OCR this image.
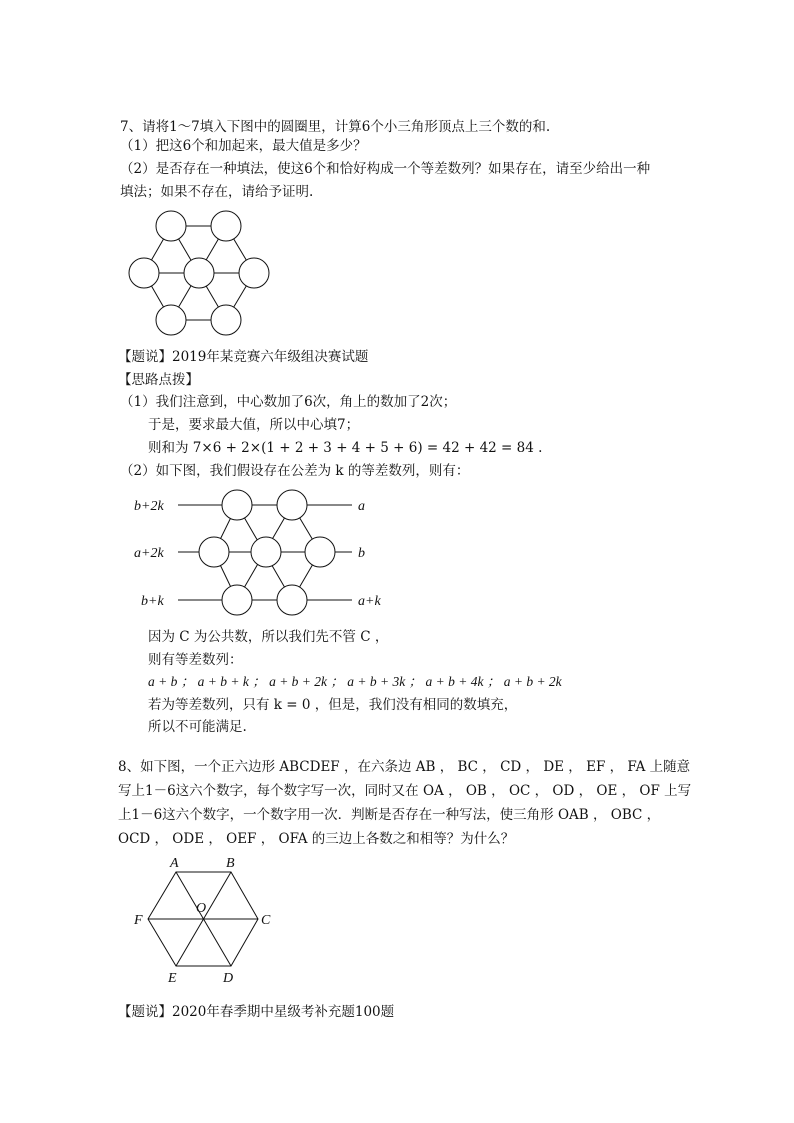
7、请将1～7填入下图中的圆圈里，计算6个小三角形顶点上三个数的和.
（1）把这6个和加起来，最大值是多少？
（2）是否存在一种填法，使这6个和恰好构成一个等差数列？如果存在，请至少给出一种
填法；如果不存在，请给予证明.
【题说】2019年某竞赛六年级组决赛试题
【思路点拨】
（1）我们注意到，中心数加了6次，角上的数加了2次；
于是，要求最大值，所以中心填7；
则和为 7×6 + 2×(1 + 2 + 3 + 4 + 5 + 6) = 42 + 42 = 84 .
（2）如下图，我们假设存在公差为 k 的等差数列，则有：
b+2k
a+2k
b+k
a
b
a+k
因为 C 为公共数，所以我们先不管 C ，
则有等差数列：
a + b ； a + b + k ； a + b + 2k ； a + b + 3k ； a + b + 4k ； a + b + 2k
若为等差数列，只有 k = 0 ，但是，我们没有相同的数填充，
所以不可能满足.
8、如下图，一个正六边形 ABCDEF ，在六条边 AB ， BC ， CD ， DE ， EF ， FA 上随意
写上1－6这六个数字，每个数字写一次，同时又在 OA ， OB ， OC ， OD ， OE ， OF 上写
上1－6这六个数字，一个数字用一次．判断是否存在一种写法，使三角形 OAB ， OBC ，
OCD ， ODE ， OEF ， OFA 的三边上各数之和相等？为什么？
A	B
C
D
E
F
O
【题说】2020年春季期中星级考补充题100题
